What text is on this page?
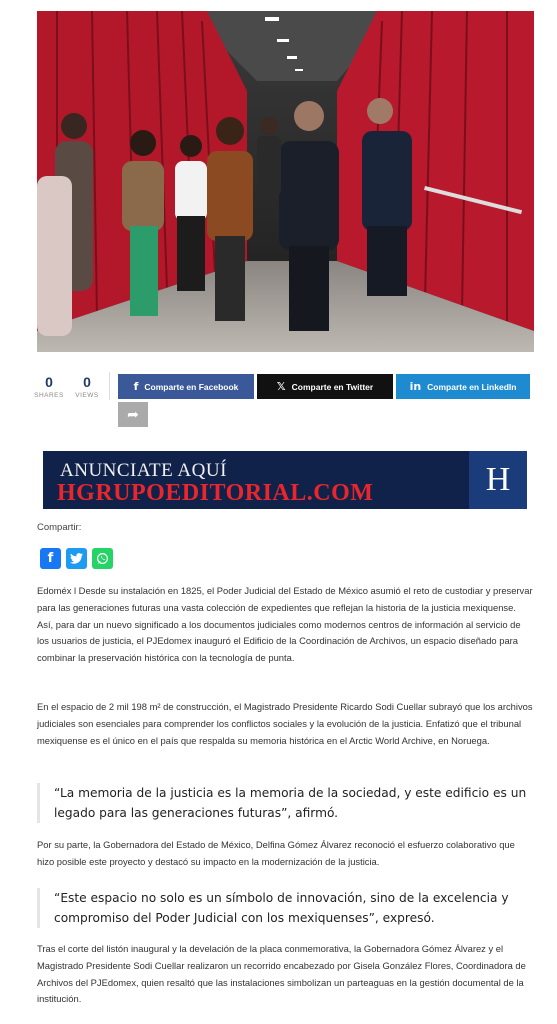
0
SHARES
0
VIEWS
f Comparte en Facebook	𝕏 Comparte en Twitter	in Comparte en LinkedIn
➦
ANUNCIATE AQUÍ
HGRUPOEDITORIAL.COM	H
Compartir:
f

Edoméx l Desde su instalación en 1825, el Poder Judicial del Estado de México asumió el reto de custodiar y preservar para las generaciones futuras una vasta colección de expedientes que reflejan la historia de la justicia mexiquense. Así, para dar un nuevo significado a los documentos judiciales como modernos centros de información al servicio de los usuarios de justicia, el PJEdomex inauguró el Edificio de la Coordinación de Archivos, un espacio diseñado para combinar la preservación histórica con la tecnología de punta.

En el espacio de 2 mil 198 m² de construcción, el Magistrado Presidente Ricardo Sodi Cuellar subrayó que los archivos judiciales son esenciales para comprender los conflictos sociales y la evolución de la justicia. Enfatizó que el tribunal mexiquense es el único en el país que respalda su memoria histórica en el Arctic World Archive, en Noruega.

“La memoria de la justicia es la memoria de la sociedad, y este edificio es un legado para las generaciones futuras”, afirmó.

Por su parte, la Gobernadora del Estado de México, Delfina Gómez Álvarez reconoció el esfuerzo colaborativo que hizo posible este proyecto y destacó su impacto en la modernización de la justicia.

“Este espacio no solo es un símbolo de innovación, sino de la excelencia y compromiso del Poder Judicial con los mexiquenses”, expresó.

Tras el corte del listón inaugural y la develación de la placa conmemorativa, la Gobernadora Gómez Álvarez y el Magistrado Presidente Sodi Cuellar realizaron un recorrido encabezado por Gisela González Flores, Coordinadora de Archivos del PJEdomex, quien resaltó que las instalaciones simbolizan un parteaguas en la gestión documental de la institución.
